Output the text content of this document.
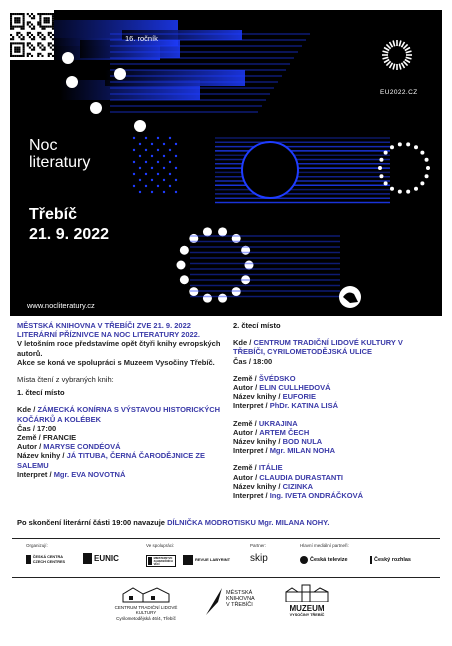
16. ročník
EU2022.CZ
Noc
literatury
Třebíč
21. 9. 2022
www.nocliteratury.cz
MĚSTSKÁ KNIHOVNA V TŘEBÍČI ZVE 21. 9. 2022 LITERÁRNÍ PŘÍZNIVCE NA NOC LITERATURY 2022.
V letošním roce představíme opět čtyři knihy evropských autorů.
Akce se koná ve spolupráci s Muzeem Vysočiny Třebíč.
Místa čtení z vybraných knih:
1. čtecí místo
Kde / ZÁMECKÁ KONÍRNA S VÝSTAVOU HISTORICKÝCH KOČÁRKŮ A KOLÉBEK
Čas / 17:00
Země / FRANCIE
Autor / MARYSE CONDÉOVÁ
Název knihy / JÁ TITUBA, ČERNÁ ČARODĚJNICE ZE SALEMU
Interpret / Mgr. EVA NOVOTNÁ
2. čtecí místo
Kde / CENTRUM TRADIČNÍ LIDOVÉ KULTURY V TŘEBÍČI, CYRILOMETODĚJSKÁ ULICE
Čas / 18:00
Země / ŠVÉDSKO
Autor / ELIN CULLHEDOVÁ
Název knihy / EUFORIE
Interpret / PhDr. KATINA LISÁ
Země / UKRAJINA
Autor / ARTEM ČECH
Název knihy / BOD NULA
Interpret / Mgr. MILAN NOHA
Země / ITÁLIE
Autor / CLAUDIA DURASTANTI
Název knihy / CIZINKA
Interpret / Ing. IVETA ONDRÁČKOVÁ
Po skončení literární části 19:00 navazuje DÍLNIČKA MODROTISKU Mgr. MILANA NOHY.
Organizují:	Ve spolupráci:	Partner:	Hlavní mediální partneři:
ČESKÁ CENTRA CZECH CENTRES	EUNIC	MINISTERSTVO ZAHRANIČNÍCH VĚCÍ
REVUE LABYRINT skip	Česká televize	Český rozhlas
CENTRUM TRADIČNÍ LIDOVÉ KULTURY
Cyrilometodějská 46/4, Třebíč
MĚSTSKÁ
KNIHOVNA
V TŘEBÍČI	MUZEUM
VYSOČINY TŘEBÍČ
